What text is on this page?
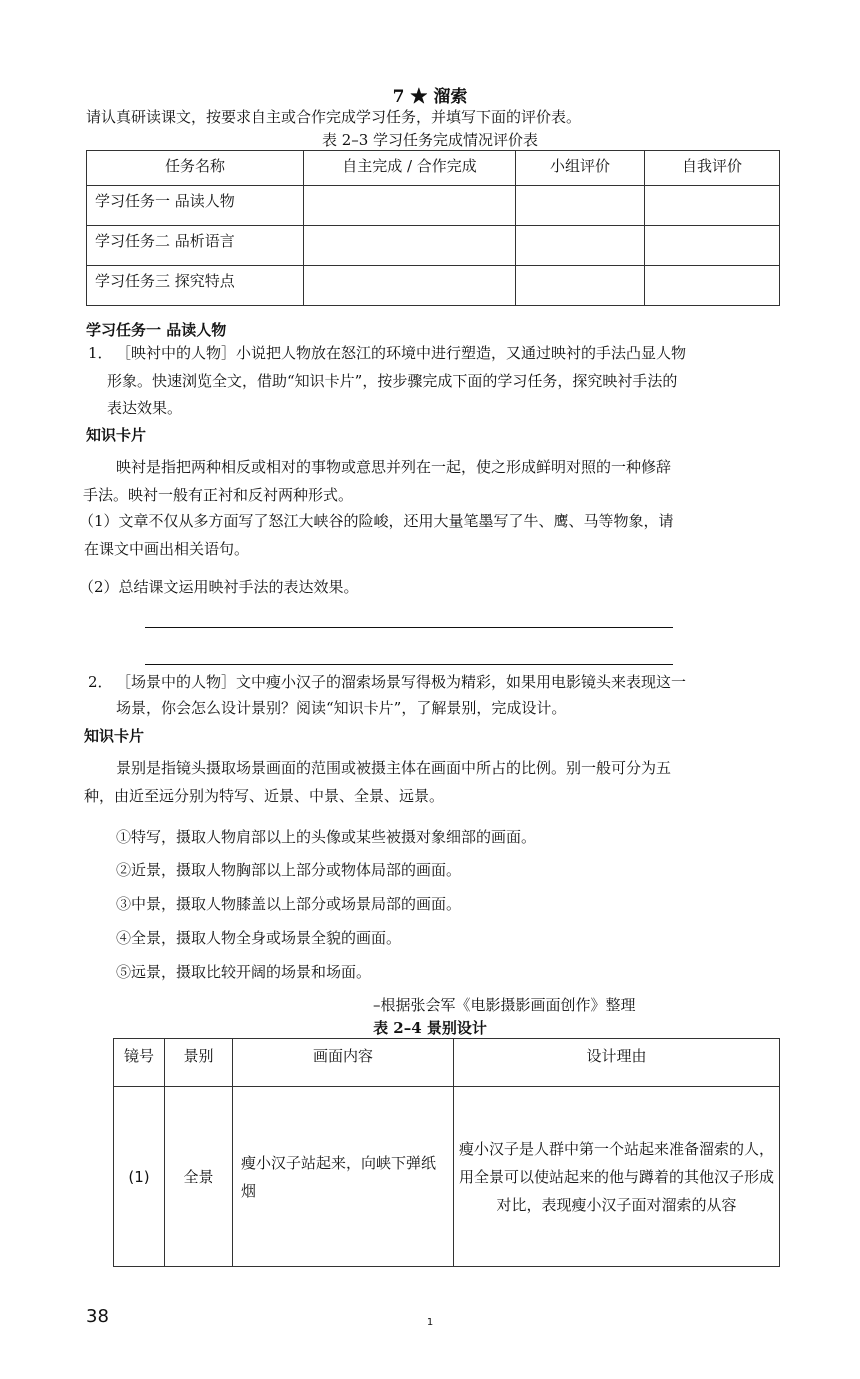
7 ★ 溜索
请认真研读课文，按要求自主或合作完成学习任务，并填写下面的评价表。
表 2–3 学习任务完成情况评价表
任务名称	自主完成 / 合作完成	小组评价	自我评价
学习任务一 品读人物			
学习任务二 品析语言			
学习任务三 探究特点			
学习任务一 品读人物
1． ［映衬中的人物］小说把人物放在怒江的环境中进行塑造，又通过映衬的手法凸显人物
形象。快速浏览全文，借助“知识卡片”，按步骤完成下面的学习任务，探究映衬手法的
表达效果。
知识卡片
映衬是指把两种相反或相对的事物或意思并列在一起，使之形成鲜明对照的一种修辞
手法。映衬一般有正衬和反衬两种形式。
（1）文章不仅从多方面写了怒江大峡谷的险峻，还用大量笔墨写了牛、鹰、马等物象，请
在课文中画出相关语句。
（2）总结课文运用映衬手法的表达效果。
2． ［场景中的人物］文中瘦小汉子的溜索场景写得极为精彩，如果用电影镜头来表现这一
场景，你会怎么设计景别？阅读“知识卡片”，了解景别，完成设计。
知识卡片
景别是指镜头摄取场景画面的范围或被摄主体在画面中所占的比例。别一般可分为五
种，由近至远分别为特写、近景、中景、全景、远景。
①特写，摄取人物肩部以上的头像或某些被摄对象细部的画面。
②近景，摄取人物胸部以上部分或物体局部的画面。
③中景，摄取人物膝盖以上部分或场景局部的画面。
④全景，摄取人物全身或场景全貌的画面。
⑤远景，摄取比较开阔的场景和场面。
–根据张会军《电影摄影画面创作》整理
表 2–4 景别设计
镜号	景别	画面内容	设计理由
(1)	全景	瘦小汉子站起来，向峡下弹纸烟	瘦小汉子是人群中第一个站起来准备溜索的人，用全景可以使站起来的他与蹲着的其他汉子形成对比，表现瘦小汉子面对溜索的从容
38	1
